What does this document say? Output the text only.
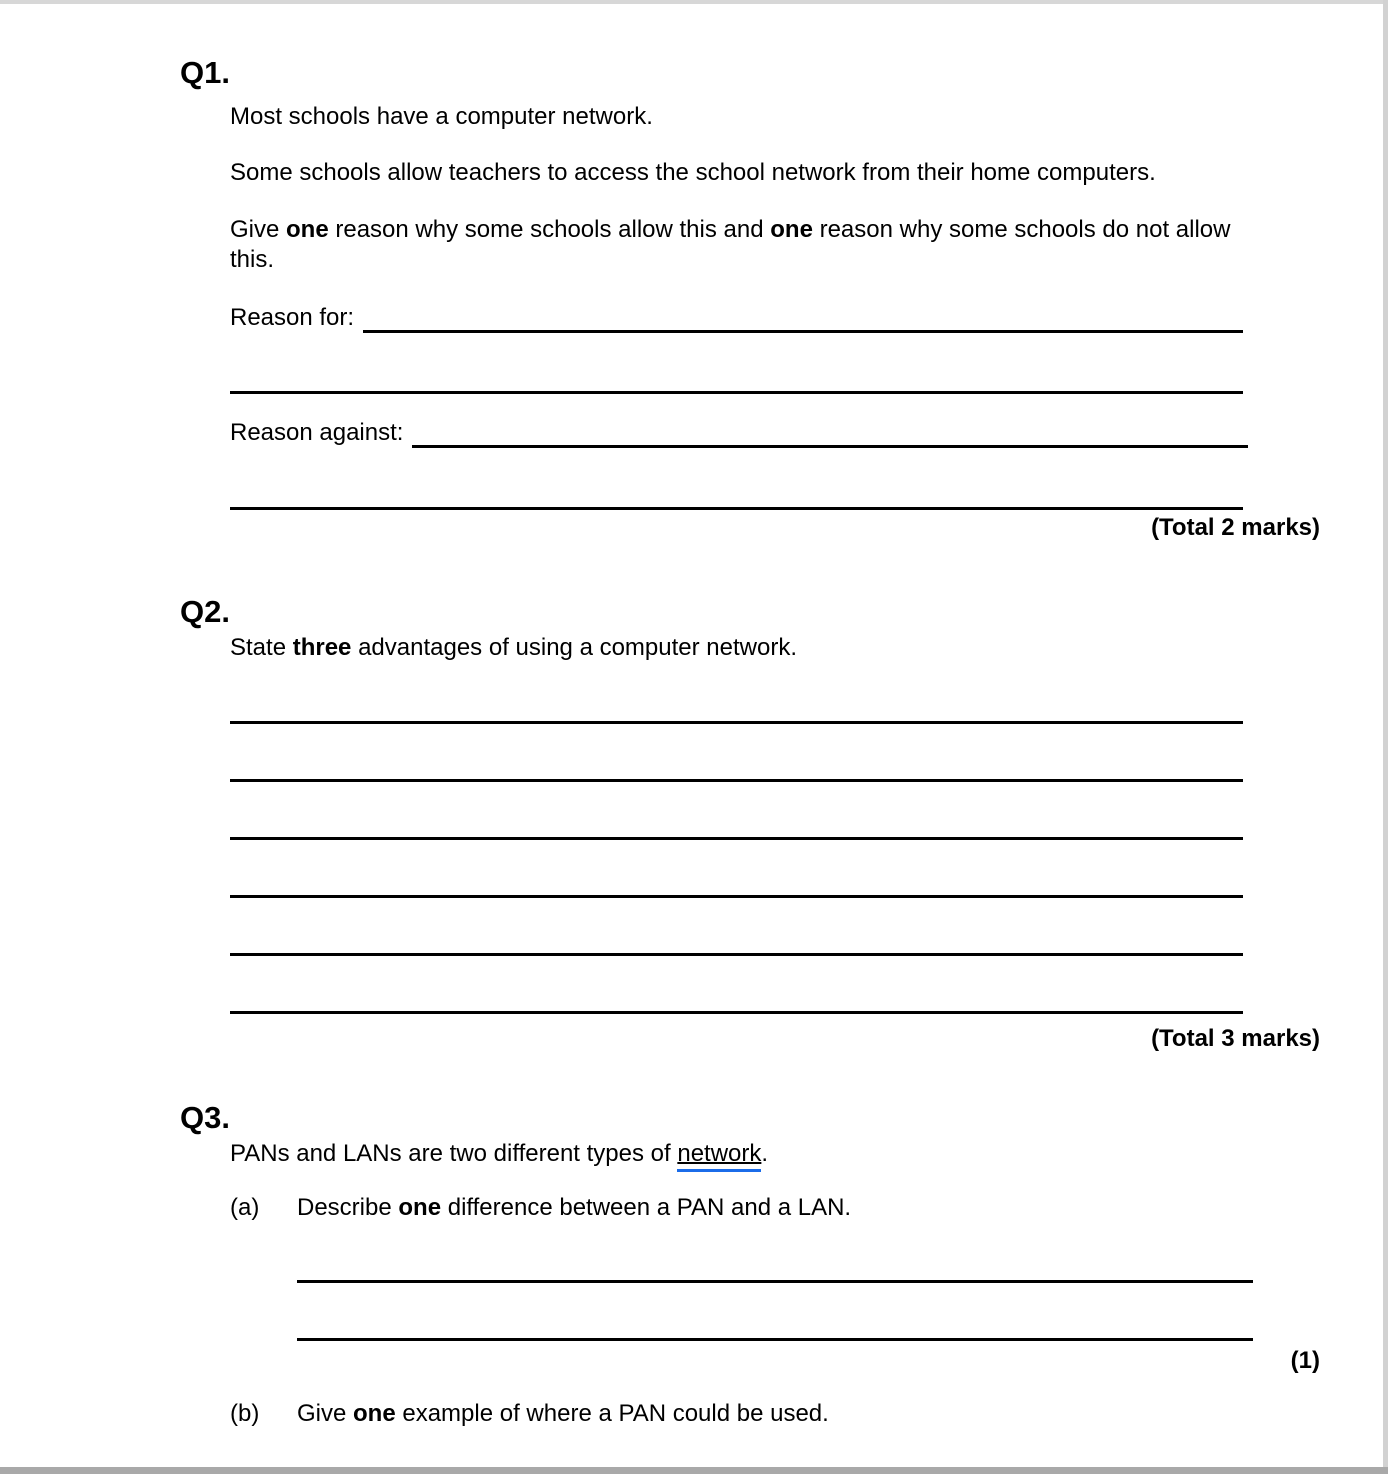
Q1.
Most schools have a computer network.
Some schools allow teachers to access the school network from their home computers.
Give one reason why some schools allow this and one reason why some schools do not allow this.
Reason for:
Reason against:
(Total 2 marks)
Q2.
State three advantages of using a computer network.
(Total 3 marks)
Q3.
PANs and LANs are two different types of network.
(a)	Describe one difference between a PAN and a LAN.
(1)
(b)	Give one example of where a PAN could be used.
